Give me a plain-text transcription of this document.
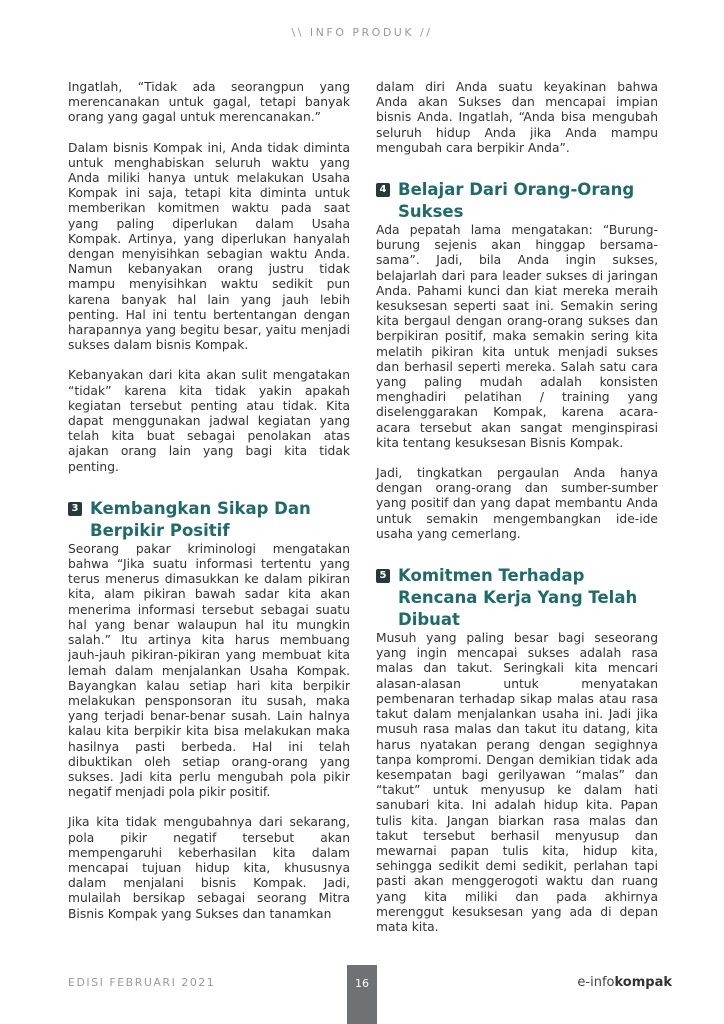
\\ INFO PRODUK //

Ingatlah, “Tidak ada seorangpun yang merencanakan untuk gagal, tetapi banyak orang yang gagal untuk merencanakan.”

Dalam bisnis Kompak ini, Anda tidak diminta untuk menghabiskan seluruh waktu yang Anda miliki hanya untuk melakukan Usaha Kompak ini saja, tetapi kita diminta untuk memberikan komitmen waktu pada saat yang paling diperlukan dalam Usaha Kompak. Artinya, yang diperlukan hanyalah dengan menyisihkan sebagian waktu Anda. Namun kebanyakan orang justru tidak mampu menyisihkan waktu sedikit pun karena banyak hal lain yang jauh lebih penting. Hal ini tentu bertentangan dengan harapannya yang begitu besar, yaitu menjadi sukses dalam bisnis Kompak.

Kebanyakan dari kita akan sulit mengatakan “tidak” karena kita tidak yakin apakah kegiatan tersebut penting atau tidak. Kita dapat menggunakan jadwal kegiatan yang telah kita buat sebagai penolakan atas ajakan orang lain yang bagi kita tidak penting.

3 Kembangkan Sikap Dan Berpikir Positif

Seorang pakar kriminologi mengatakan bahwa “Jika suatu informasi tertentu yang terus menerus dimasukkan ke dalam pikiran kita, alam pikiran bawah sadar kita akan menerima informasi tersebut sebagai suatu hal yang benar walaupun hal itu mungkin salah.” Itu artinya kita harus membuang jauh-jauh pikiran-pikiran yang membuat kita lemah dalam menjalankan Usaha Kompak. Bayangkan kalau setiap hari kita berpikir melakukan pensponsoran itu susah, maka yang terjadi benar-benar susah. Lain halnya kalau kita berpikir kita bisa melakukan maka hasilnya pasti berbeda. Hal ini telah dibuktikan oleh setiap orang-orang yang sukses. Jadi kita perlu mengubah pola pikir negatif menjadi pola pikir positif.

Jika kita tidak mengubahnya dari sekarang, pola pikir negatif tersebut akan mempengaruhi keberhasilan kita dalam mencapai tujuan hidup kita, khususnya dalam menjalani bisnis Kompak. Jadi, mulailah bersikap sebagai seorang Mitra Bisnis Kompak yang Sukses dan tanamkan

dalam diri Anda suatu keyakinan bahwa Anda akan Sukses dan mencapai impian bisnis Anda. Ingatlah, “Anda bisa mengubah seluruh hidup Anda jika Anda mampu mengubah cara berpikir Anda”.

4 Belajar Dari Orang-Orang Sukses

Ada pepatah lama mengatakan: “Burung-burung sejenis akan hinggap bersama-sama”. Jadi, bila Anda ingin sukses, belajarlah dari para leader sukses di jaringan Anda. Pahami kunci dan kiat mereka meraih kesuksesan seperti saat ini. Semakin sering kita bergaul dengan orang-orang sukses dan berpikiran positif, maka semakin sering kita melatih pikiran kita untuk menjadi sukses dan berhasil seperti mereka. Salah satu cara yang paling mudah adalah konsisten menghadiri pelatihan / training yang diselenggarakan Kompak, karena acara-acara tersebut akan sangat menginspirasi kita tentang kesuksesan Bisnis Kompak.

Jadi, tingkatkan pergaulan Anda hanya dengan orang-orang dan sumber-sumber yang positif dan yang dapat membantu Anda untuk semakin mengembangkan ide-ide usaha yang cemerlang.

5 Komitmen Terhadap Rencana Kerja Yang Telah Dibuat

Musuh yang paling besar bagi seseorang yang ingin mencapai sukses adalah rasa malas dan takut. Seringkali kita mencari alasan-alasan untuk menyatakan pembenaran terhadap sikap malas atau rasa takut dalam menjalankan usaha ini. Jadi jika musuh rasa malas dan takut itu datang, kita harus nyatakan perang dengan segighnya tanpa kompromi. Dengan demikian tidak ada kesempatan bagi gerilyawan “malas” dan “takut” untuk menyusup ke dalam hati sanubari kita. Ini adalah hidup kita. Papan tulis kita. Jangan biarkan rasa malas dan takut tersebut berhasil menyusup dan mewarnai papan tulis kita, hidup kita, sehingga sedikit demi sedikit, perlahan tapi pasti akan menggerogoti waktu dan ruang yang kita miliki dan pada akhirnya merenggut kesuksesan yang ada di depan mata kita.

EDISI FEBRUARI 2021	16	e-infokompak
